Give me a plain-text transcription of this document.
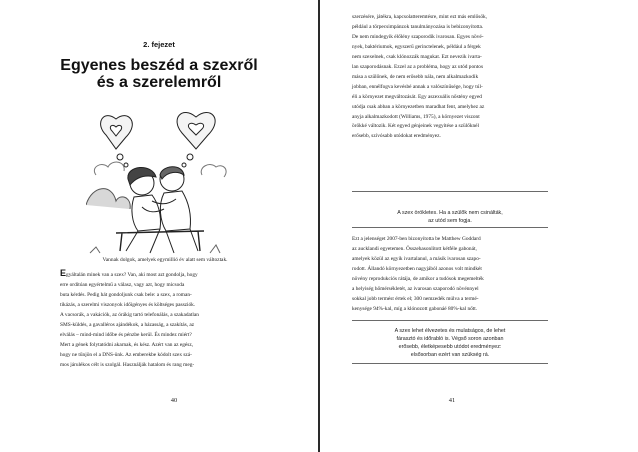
2. fejezet
Egyenes beszéd a szexről
és a szerelemről
Vannak dolgok, amelyek egymillió év alatt sem változtak.

Egyáltalán minek van a szex? Van, aki most azt gondolja, hogy

erre ordítóan egyértelmű a válasz, vagy azt, hogy micsoda

buta kérdés. Pedig hát gondoljunk csak bele: a szex, a roman-

tikázás, a szerelmi viszonyok időigényes és költséges passziók.

A vacsorák, a vakációk, az órákig tartó telefonálás, a szakadatlan

SMS-küldés, a gavalléros ajándékok, a házasság, a szakítás, az

elválás – mind-mind időbe és pénzbe kerül. És mindez miért?

Mert a gének folytatódni akarnak, és kész. Azért van az egész,

hogy ne tűnjön el a DNS-ünk. Az emberekbe kódolt szex szá-

mos járulékos célt is szolgál. Használják hatalom és rang meg-

40

szerzésére, játékra, kapcsolatteremtésre, mint ezt más emlősök,

például a törpecsimpánzok tanulmányozása is bebizonyította.

De nem mindegyik élőlény szaporodik ivarosan. Egyes növé-

nyek, baktériumok, egyszerű gerinctelenek, például a férgek

nem szexelnek, csak klónozzák magukat. Ezt nevezik ivarta-

lan szaporodásnak. Ezzel az a probléma, hogy az utód pontos

mása a szülőnek, de nem erősebb nála, nem alkalmazkodik

jobban, ennélfogva kevésbé annak a valószínűsége, hogy túl-

éli a környezet megváltozását. Egy aszexuális nőstény egyed

utódja csak abban a környezetben maradhat fent, amelyhez az

anyja alkalmazkodott (Williams, 1975), a környezet viszont

örökké változik. Két egyed génjeinek vegyítése a szülőknél

erősebb, szívósabb utódokat eredményez.

A szex örökletes. Ha a szülők nem csinálták,
az utód sem fogja.

Ezt a jelenséget 2007-ben bizonyította be Matthew Goddard

az aucklandi egyetemen. Összehasonlított kétféle gabonát,

amelyek közül az egyik ivartalanul, a másik ivarosan szapo-

rodott. Állandó környezetben nagyjából azonos volt mindkét

növény reprodukciós rátája, de amikor a tudósok megemelték

a helyiség hőmérsékletét, az ivarosan szaporodó növénnyel

sokkal jobb termést értek el; 300 nemzedék múlva a termé-

kenysége 94%-kal, míg a klónozott gabonáé 80%-kal nőtt.

A szex lehet élvezetes és mulatságos, de lehet
fárasztó és időrabló is. Végső soron azonban
erősebb, életképesebb utódot eredményez:
elsősorban ezért van szükség rá.
41
